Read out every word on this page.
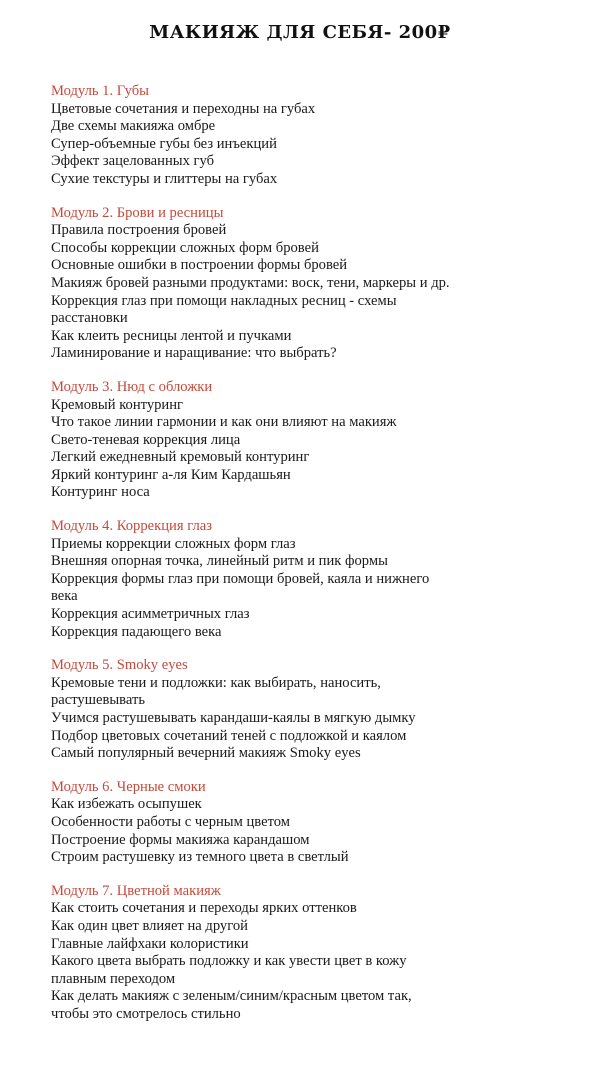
МАКИЯЖ ДЛЯ СЕБЯ- 200₽
Модуль 1. Губы
Цветовые сочетания и переходны на губах
Две схемы макияжа омбре
Супер-объемные губы без инъекций
Эффект зацелованных губ
Сухие текстуры и глиттеры на губах
Модуль 2. Брови и ресницы
Правила построения бровей
Способы коррекции сложных форм бровей
Основные ошибки в построении формы бровей
Макияж бровей разными продуктами: воск, тени, маркеры и др.
Коррекция глаз при помощи накладных ресниц - схемы расстановки
Как клеить ресницы лентой и пучками
Ламинирование и наращивание: что выбрать?
Модуль 3. Нюд с обложки
Кремовый контуринг
Что такое линии гармонии и как они влияют на макияж
Свето-теневая коррекция лица
Легкий ежедневный кремовый контуринг
Яркий контуринг а-ля Ким Кардашьян
Контуринг носа
Модуль 4. Коррекция глаз
Приемы коррекции сложных форм глаз
Внешняя опорная точка, линейный ритм и пик формы
Коррекция формы глаз при помощи бровей, каяла и нижнего века
Коррекция асимметричных глаз
Коррекция падающего века
Модуль 5. Smoky eyes
Кремовые тени и подложки: как выбирать, наносить, растушевывать
Учимся растушевывать карандаши-каялы в мягкую дымку
Подбор цветовых сочетаний теней с подложкой и каялом
Самый популярный вечерний макияж Smoky eyes
Модуль 6. Черные смоки
Как избежать осыпушек
Особенности работы с черным цветом
Построение формы макияжа карандашом
Строим растушевку из темного цвета в светлый
Модуль 7. Цветной макияж
Как стоить сочетания и переходы ярких оттенков
Как один цвет влияет на другой
Главные лайфхаки колористики
Какого цвета выбрать подложку и как увести цвет в кожу плавным переходом
Как делать макияж с зеленым/синим/красным цветом так, чтобы это смотрелось стильно
